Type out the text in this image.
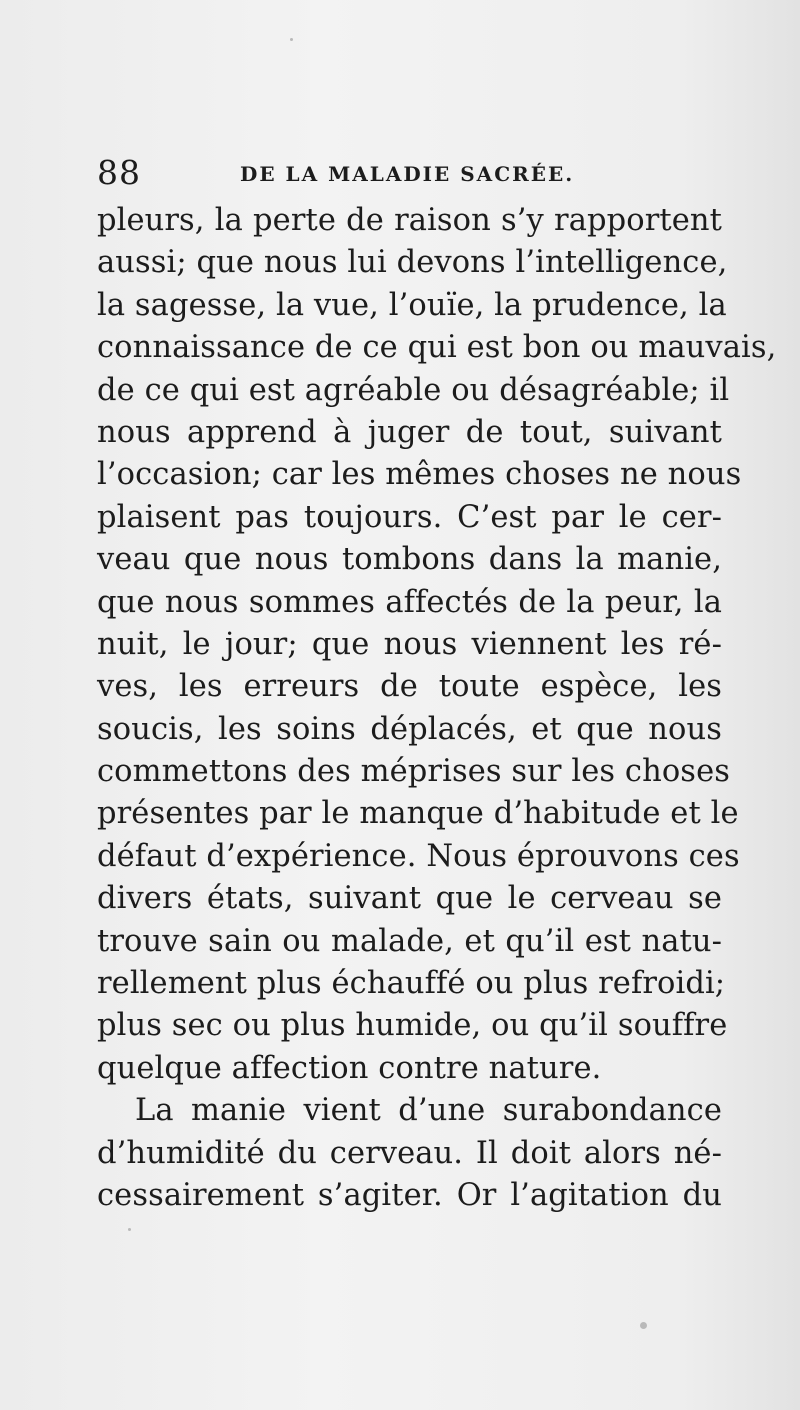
88	DE LA MALADIE SACRÉE.
pleurs, la perte de raison s’y rapportent
aussi; que nous lui devons l’intelligence,
la sagesse, la vue, l’ouïe, la prudence, la
connaissance de ce qui est bon ou mauvais,
de ce qui est agréable ou désagréable; il
nous apprend à juger de tout, suivant
l’occasion; car les mêmes choses ne nous
plaisent pas toujours. C’est par le cer-
veau que nous tombons dans la manie,
que nous sommes affectés de la peur, la
nuit, le jour; que nous viennent les ré-
ves, les erreurs de toute espèce, les
soucis, les soins déplacés, et que nous
commettons des méprises sur les choses
présentes par le manque d’habitude et le
défaut d’expérience. Nous éprouvons ces
divers états, suivant que le cerveau se
trouve sain ou malade, et qu’il est natu-
rellement plus échauffé ou plus refroidi;
plus sec ou plus humide, ou qu’il souffre
quelque affection contre nature.
La manie vient d’une surabondance
d’humidité du cerveau. Il doit alors né-
cessairement s’agiter. Or l’agitation du
